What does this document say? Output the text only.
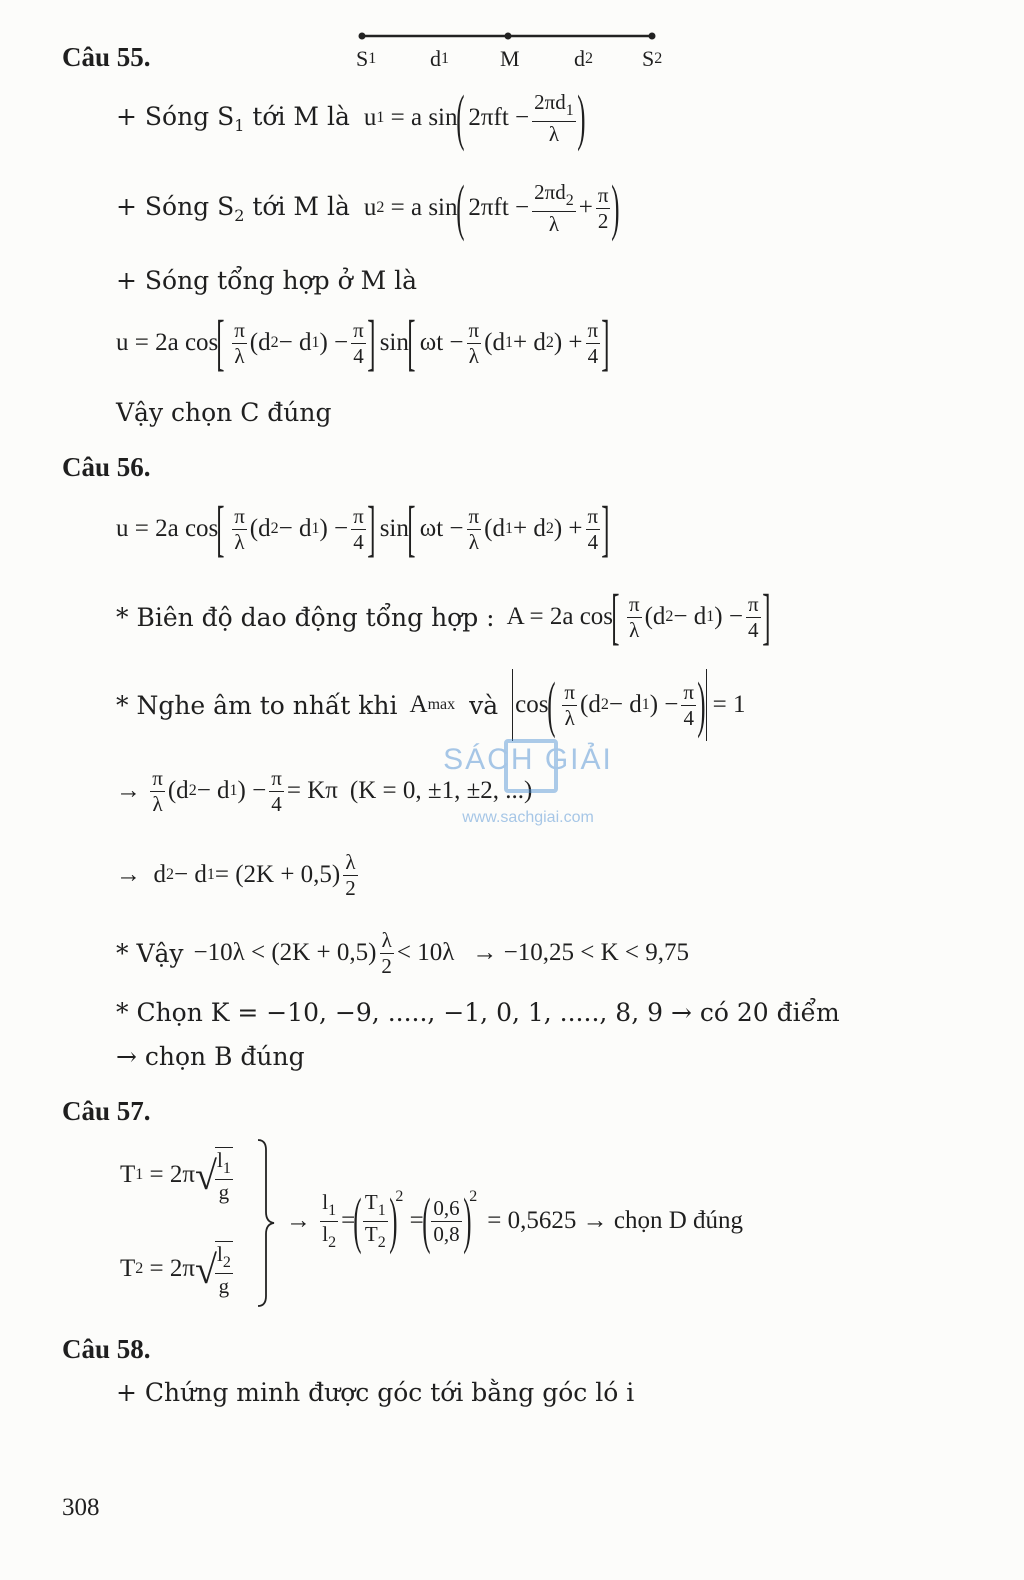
Câu 55.	S 1 d 1 M d 2 S 2
+ Sóng $S_1$ tới M là u 1 = a sin
(
$2\pi ft - \frac{2\pi d_1}{\lambda}$ )
+ Sóng $S_2$ tới M là u 2 = a sin
(
$2\pi ft - \frac{2\pi d_2}{\lambda} + \frac{\pi}{2}$ )
+ Sóng tổng hợp ở M là
u = 2a cos
[
$\frac{\pi}{\lambda} (d$ 2 − d 1 ) − $\frac{\pi}{4}$ ]
sin
[
$\omega t - \frac{\pi}{\lambda} (d$ 1 + d 2 ) + $\frac{\pi}{4}$ ]
Vậy chọn C đúng
Câu 56.
u = 2a cos
[
$\frac{\pi}{\lambda} (d$ 2 − d 1 ) − $\frac{\pi}{4}$ ]
sin
[
$\omega t - \frac{\pi}{\lambda} (d$ 1 + d 2 ) + $\frac{\pi}{4}$ ]
* Biên độ dao động tổng hợp : A = 2a cos
[
$\frac{\pi}{\lambda} (d$ 2 − d 1 ) − $\frac{\pi}{4}$ ]
* Nghe âm to nhất khi A max và cos
(
$\frac{\pi}{\lambda} (d$ 2 − d 1 ) − $\frac{\pi}{4}$ ) = 1
→ $\frac{\pi}{\lambda} (d$ 2 − d 1 ) − $\frac{\pi}{4} = K\pi$ (K = 0, ±1, ±2, ...)
→  d 2 − d $1 = (2K + 0,5) \frac{\lambda}{2}$
* Vậy $-10\lambda < (2K + 0,5) \frac{\lambda}{2} < 10\lambda \to -10,25 < K < 9,75$
* Chọn K = −10, −9, ....., −1, 0, 1, ....., 8, 9 → có 20 điểm
→ chọn B đúng
Câu 57.
T 1 = 2π √
$\frac{l_1}{g}$
T 2 = 2π √
$\frac{l_2}{g}$
→ $\frac{l_1}{l_2}$ =
( $\frac{T_1}{T_2}$ )
2
=
( $\frac{0,6}{0,8}$ )
2
= 0,5625 → chọn D đúng
Câu 58.
+ Chứng minh được góc tới bằng góc ló i
308
SÁCH GIẢI
www.sachgiai.com
